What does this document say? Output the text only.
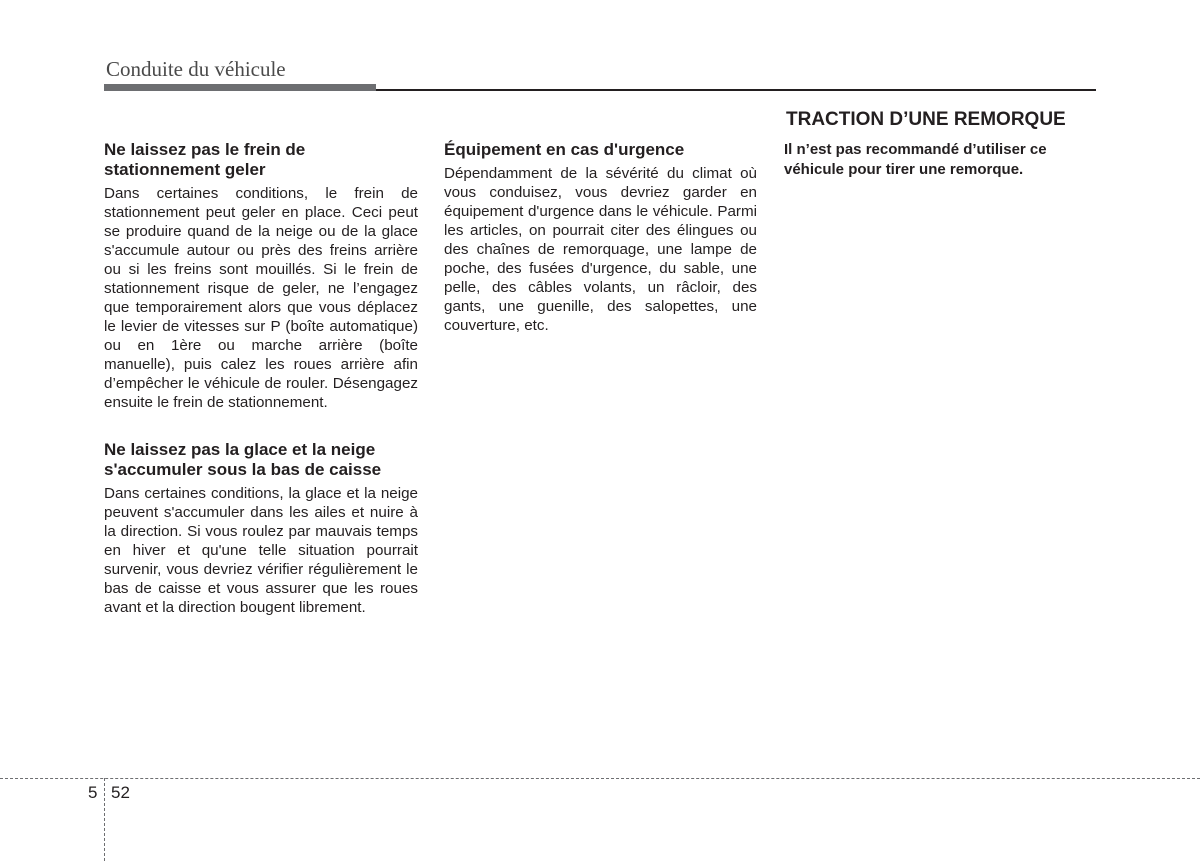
Conduite du véhicule
Ne laissez pas le frein de stationnement geler

Dans certaines conditions, le frein de stationnement peut geler en place. Ceci peut se produire quand de la neige ou de la glace s'accumule autour ou près des freins arrière ou si les freins sont mouillés. Si le frein de stationnement risque de geler, ne l’engagez que temporairement alors que vous déplacez le levier de vitesses sur P (boîte automatique) ou en 1ère ou marche arrière (boîte manuelle), puis calez les roues arrière afin d’empêcher le véhicule de rouler. Désengagez ensuite le frein de stationnement.

Ne laissez pas la glace et la neige s'accumuler sous la bas de caisse

Dans certaines conditions, la glace et la neige peuvent s'accumuler dans les ailes et nuire à la direction. Si vous roulez par mauvais temps en hiver et qu'une telle situation pourrait survenir, vous devriez vérifier régulièrement le bas de caisse et vous assurer que les roues avant et la direction bougent librement.

Équipement en cas d'urgence

Dépendamment de la sévérité du climat où vous conduisez, vous devriez garder en équipement d'urgence dans le véhicule. Parmi les articles, on pourrait citer des élingues ou des chaînes de remorquage, une lampe de poche, des fusées d'urgence, du sable, une pelle, des câbles volants, un râcloir, des gants, une guenille, des salopettes, une couverture, etc.

TRACTION D’UNE REMORQUE

Il n’est pas recommandé d’utiliser ce véhicule pour tirer une remorque.

5 52
